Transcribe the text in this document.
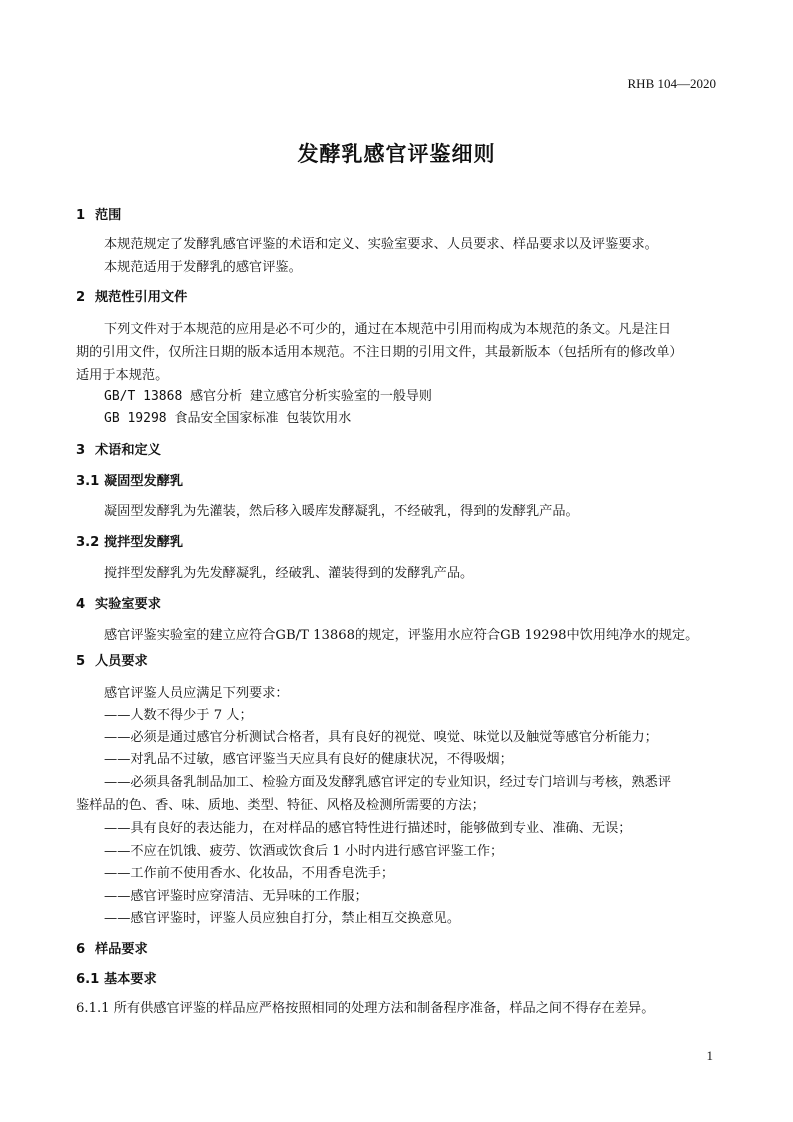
RHB 104—2020
发酵乳感官评鉴细则
1 范围
本规范规定了发酵乳感官评鉴的术语和定义、实验室要求、人员要求、样品要求以及评鉴要求。
本规范适用于发酵乳的感官评鉴。
2 规范性引用文件
下列文件对于本规范的应用是必不可少的，通过在本规范中引用而构成为本规范的条文。凡是注日
期的引用文件，仅所注日期的版本适用本规范。不注日期的引用文件，其最新版本（包括所有的修改单）
适用于本规范。
GB/T 13868 感官分析 建立感官分析实验室的一般导则
GB 19298 食品安全国家标准 包装饮用水
3 术语和定义
3.1 凝固型发酵乳
凝固型发酵乳为先灌装，然后移入暖库发酵凝乳，不经破乳，得到的发酵乳产品。
3.2 搅拌型发酵乳
搅拌型发酵乳为先发酵凝乳，经破乳、灌装得到的发酵乳产品。
4 实验室要求
感官评鉴实验室的建立应符合GB/T 13868的规定，评鉴用水应符合GB 19298中饮用纯净水的规定。
5 人员要求
感官评鉴人员应满足下列要求：
——人数不得少于 7 人；
——必须是通过感官分析测试合格者，具有良好的视觉、嗅觉、味觉以及触觉等感官分析能力；
——对乳品不过敏，感官评鉴当天应具有良好的健康状况，不得吸烟；
——必须具备乳制品加工、检验方面及发酵乳感官评定的专业知识，经过专门培训与考核，熟悉评
鉴样品的色、香、味、质地、类型、特征、风格及检测所需要的方法；
——具有良好的表达能力，在对样品的感官特性进行描述时，能够做到专业、准确、无误；
——不应在饥饿、疲劳、饮酒或饮食后 1 小时内进行感官评鉴工作；
——工作前不使用香水、化妆品，不用香皂洗手；
——感官评鉴时应穿清洁、无异味的工作服；
——感官评鉴时，评鉴人员应独自打分，禁止相互交换意见。
6 样品要求
6.1 基本要求
6.1.1 所有供感官评鉴的样品应严格按照相同的处理方法和制备程序准备，样品之间不得存在差异。
1
